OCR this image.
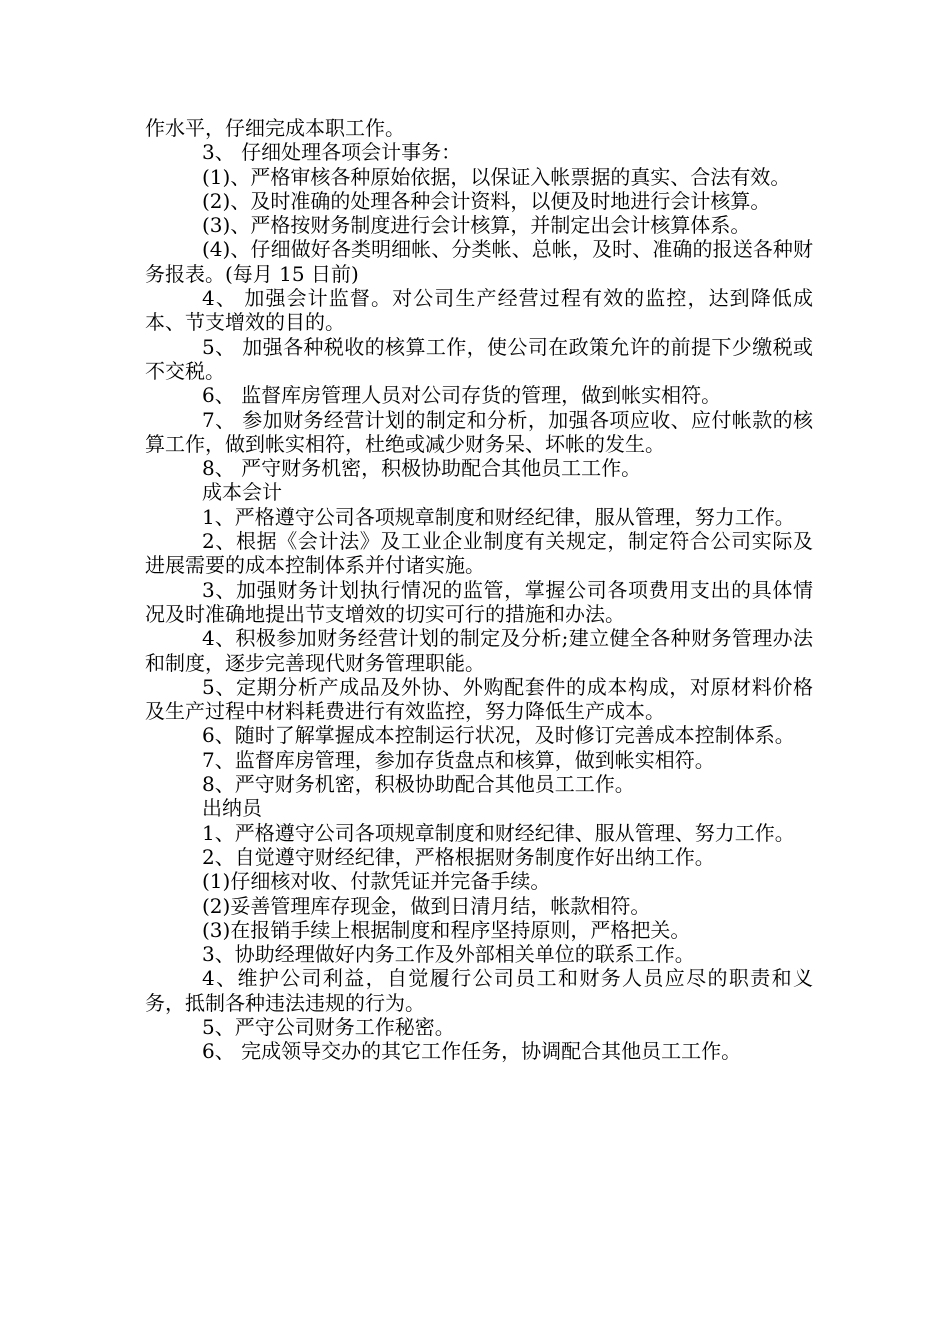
作水平，仔细完成本职工作。

3、 仔细处理各项会计事务：

(1)、严格审核各种原始依据，以保证入帐票据的真实、合法有效。

(2)、及时准确的处理各种会计资料，以便及时地进行会计核算。

(3)、严格按财务制度进行会计核算，并制定出会计核算体系。

(4)、仔细做好各类明细帐、分类帐、总帐，及时、准确的报送各种财务报表。(每月 15 日前)

4、 加强会计监督。对公司生产经营过程有效的监控，达到降低成本、节支增效的目的。

5、 加强各种税收的核算工作，使公司在政策允许的前提下少缴税或不交税。

6、 监督库房管理人员对公司存货的管理，做到帐实相符。

7、 参加财务经营计划的制定和分析，加强各项应收、应付帐款的核算工作，做到帐实相符，杜绝或减少财务呆、坏帐的发生。

8、 严守财务机密，积极协助配合其他员工工作。

成本会计

1、严格遵守公司各项规章制度和财经纪律，服从管理，努力工作。

2、根据《会计法》及工业企业制度有关规定，制定符合公司实际及进展需要的成本控制体系并付诸实施。

3、加强财务计划执行情况的监管，掌握公司各项费用支出的具体情况及时准确地提出节支增效的切实可行的措施和办法。

4、积极参加财务经营计划的制定及分析;建立健全各种财务管理办法和制度，逐步完善现代财务管理职能。

5、定期分析产成品及外协、外购配套件的成本构成，对原材料价格及生产过程中材料耗费进行有效监控，努力降低生产成本。

6、随时了解掌握成本控制运行状况，及时修订完善成本控制体系。

7、监督库房管理，参加存货盘点和核算，做到帐实相符。

8、严守财务机密，积极协助配合其他员工工作。

出纳员

1、严格遵守公司各项规章制度和财经纪律、服从管理、努力工作。

2、自觉遵守财经纪律，严格根据财务制度作好出纳工作。

(1)仔细核对收、付款凭证并完备手续。

(2)妥善管理库存现金，做到日清月结，帐款相符。

(3)在报销手续上根据制度和程序坚持原则，严格把关。

3、协助经理做好内务工作及外部相关单位的联系工作。

4、维护公司利益，自觉履行公司员工和财务人员应尽的职责和义务，抵制各种违法违规的行为。

5、严守公司财务工作秘密。

6、 完成领导交办的其它工作任务，协调配合其他员工工作。
